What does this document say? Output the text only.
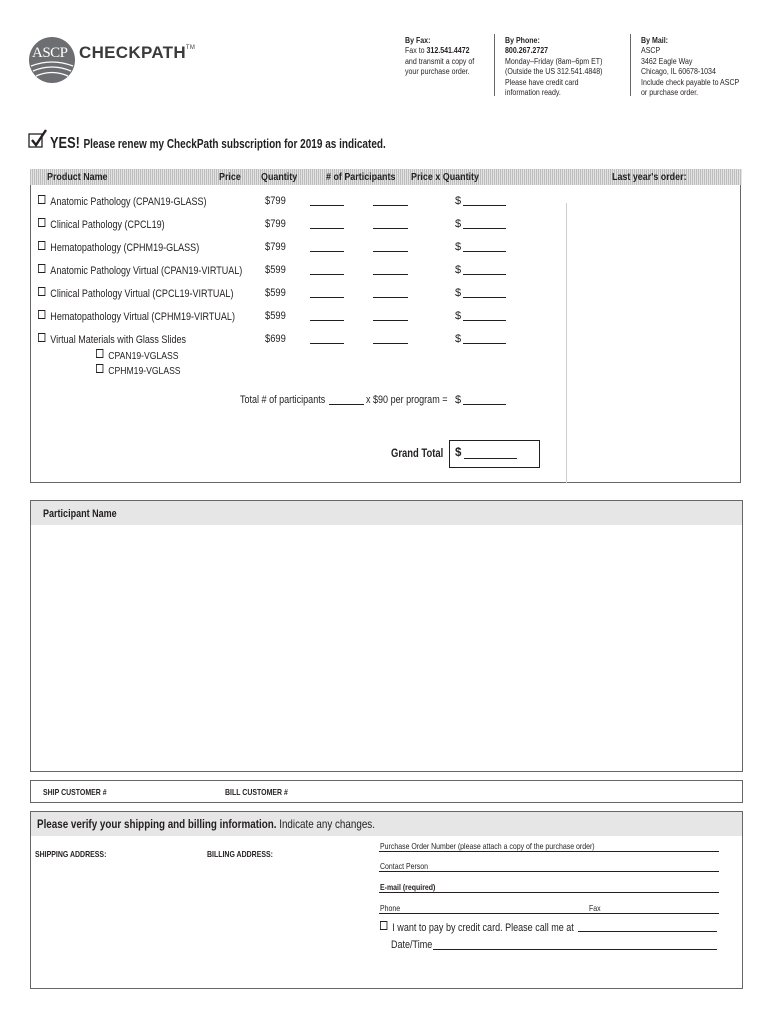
ASCP CHECKPATH™
By Fax:
Fax to 312.541.4472
and transmit a copy of
your purchase order.
By Phone:
800.267.2727
Monday–Friday (8am–6pm ET)
(Outside the US 312.541.4848)
Please have credit card
information ready.
By Mail:
ASCP
3462 Eagle Way
Chicago, IL 60678-1034
Include check payable to ASCP
or purchase order.
YES! Please renew my CheckPath subscription for 2019 as indicated.
Product Name	Price Quantity	# of Participants Price x Quantity	Last year's order:
Anatomic Pathology (CPAN19-GLASS)	$799	$
Clinical Pathology (CPCL19)	$799	$
Hematopathology (CPHM19-GLASS)	$799	$
Anatomic Pathology Virtual (CPAN19-VIRTUAL) $599	$
Clinical Pathology Virtual (CPCL19-VIRTUAL)	$599	$
Hematopathology Virtual (CPHM19-VIRTUAL)	$599	$
Virtual Materials with Glass Slides	$699	$
CPAN19-VGLASS
CPHM19-VGLASS
Total # of participants	x $90 per program = $
Grand Total $
Participant Name
SHIP CUSTOMER #	BILL CUSTOMER #
Please verify your shipping and billing information. Indicate any changes.
SHIPPING ADDRESS:	BILLING ADDRESS:
Purchase Order Number (please attach a copy of the purchase order)
Contact Person
E-mail (required)
Phone	Fax
I want to pay by credit card. Please call me at
Date/Time
